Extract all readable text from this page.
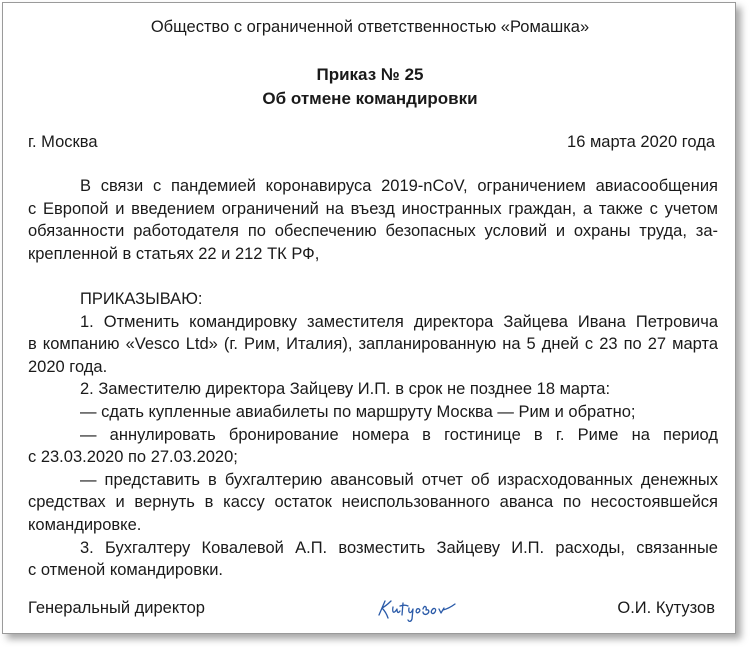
Общество с ограниченной ответственностью «Ромашка»
Приказ № 25
Об отмене командировки
г. Москва	16 марта 2020 года
В связи с пандемией коронавируса 2019-nCoV, ограничением авиасообщения
с Европой и введением ограничений на въезд иностранных граждан, а также с учетом
обязанности работодателя по обеспечению безопасных условий и охраны труда, за-
крепленной в статьях 22 и 212 ТК РФ,
ПРИКАЗЫВАЮ:
1. Отменить командировку заместителя директора Зайцева Ивана Петровича
в компанию «Vesco Ltd» (г. Рим, Италия), запланированную на 5 дней с 23 по 27 марта
2020 года.
2. Заместителю директора Зайцеву И.П. в срок не позднее 18 марта:
— сдать купленные авиабилеты по маршруту Москва — Рим и обратно;
— аннулировать бронирование номера в гостинице в г. Риме на период
с 23.03.2020 по 27.03.2020;
— представить в бухгалтерию авансовый отчет об израсходованных денежных
средствах и вернуть в кассу остаток неиспользованного аванса по несостоявшейся
командировке.
3. Бухгалтеру Ковалевой А.П. возместить Зайцеву И.П. расходы, связанные
с отменой командировки.
Генеральный директор	О.И. Кутузов
